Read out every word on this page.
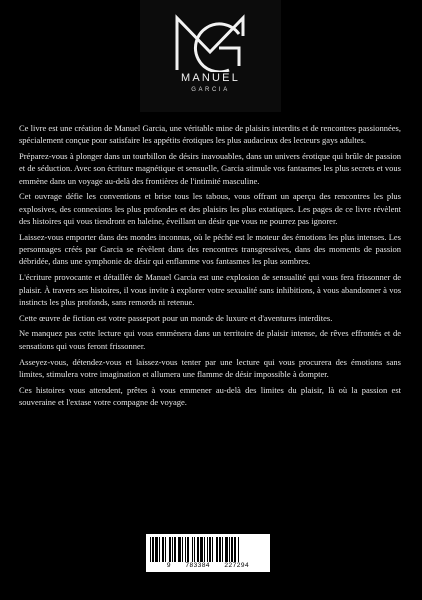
MANUEL
GARCIA

Ce livre est une création de Manuel Garcia, une véritable mine de plaisirs interdits et de rencontres passionnées, spécialement conçue pour satisfaire les appétits érotiques les plus audacieux des lecteurs gays adultes.

Préparez-vous à plonger dans un tourbillon de désirs inavouables, dans un univers érotique qui brûle de passion et de séduction. Avec son écriture magnétique et sensuelle, Garcia stimule vos fantasmes les plus secrets et vous emmène dans un voyage au-delà des frontières de l'intimité masculine.

Cet ouvrage défie les conventions et brise tous les tabous, vous offrant un aperçu des rencontres les plus explosives, des connexions les plus profondes et des plaisirs les plus extatiques. Les pages de ce livre révèlent des histoires qui vous tiendront en haleine, éveillant un désir que vous ne pourrez pas ignorer.

Laissez-vous emporter dans des mondes inconnus, où le péché est le moteur des émotions les plus intenses. Les personnages créés par Garcia se révèlent dans des rencontres transgressives, dans des moments de passion débridée, dans une symphonie de désir qui enflamme vos fantasmes les plus sombres.

L'écriture provocante et détaillée de Manuel Garcia est une explosion de sensualité qui vous fera frissonner de plaisir. À travers ses histoires, il vous invite à explorer votre sexualité sans inhibitions, à vous abandonner à vos instincts les plus profonds, sans remords ni retenue.

Cette œuvre de fiction est votre passeport pour un monde de luxure et d'aventures interdites.

Ne manquez pas cette lecture qui vous emmènera dans un territoire de plaisir intense, de rêves effrontés et de sensations qui vous feront frissonner.

Asseyez-vous, détendez-vous et laissez-vous tenter par une lecture qui vous procurera des émotions sans limites, stimulera votre imagination et allumera une flamme de désir impossible à dompter.

Ces histoires vous attendent, prêtes à vous emmener au-delà des limites du plaisir, là où la passion est souveraine et l'extase votre compagne de voyage.

9 783384 227294
